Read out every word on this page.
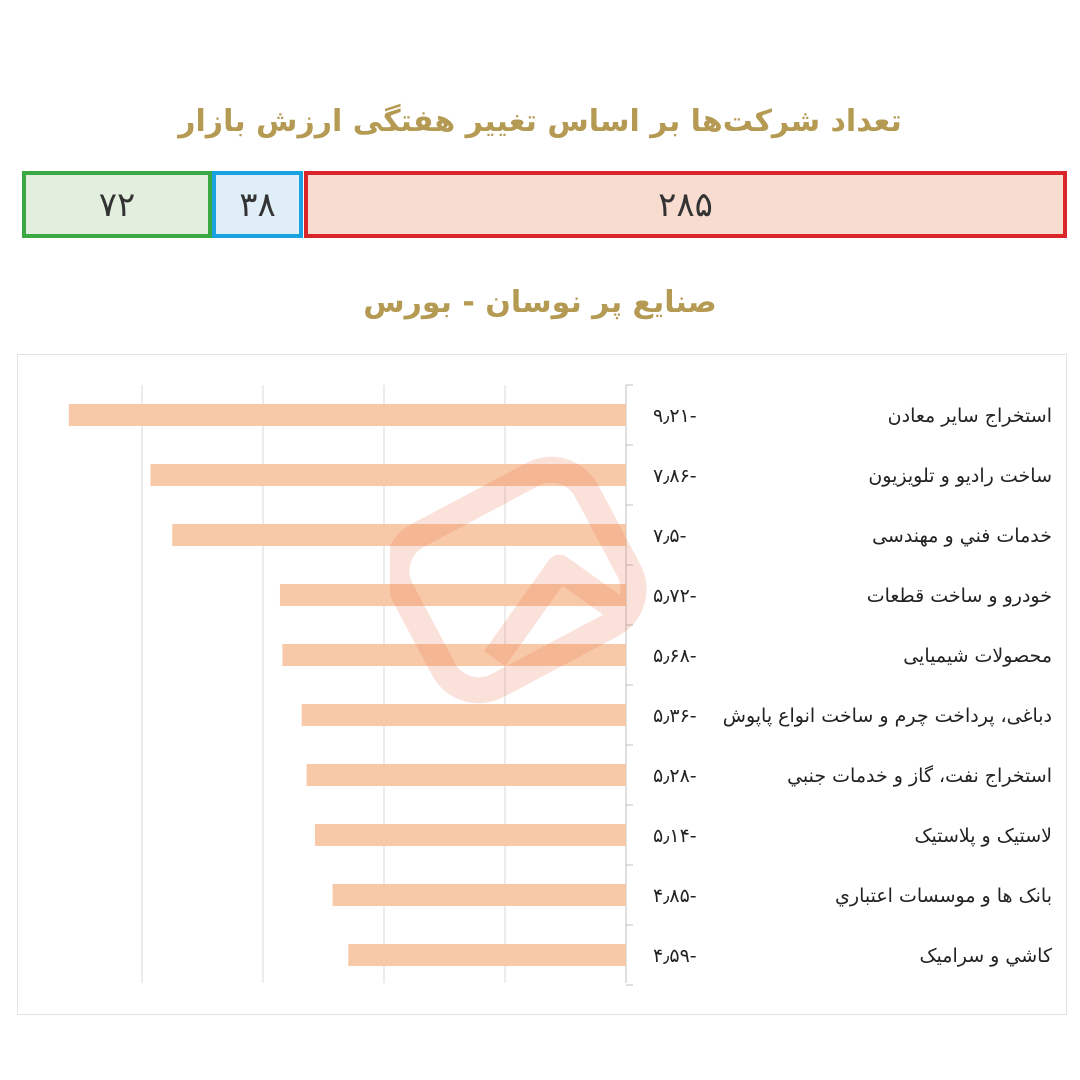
تعداد شرکت‌ها بر اساس تغییر هفتگی ارزش بازار
۷۲	۳۸	۲۸۵
صنایع پر نوسان - بورس
۹٫۲۱-	استخراج ساير معادن
۷٫۸۶-	ساخت راديو و تلويزيون
۷٫۵-	خدمات فني و مهندسی
۵٫۷۲-	خودرو و ساخت قطعات
۵٫۶۸-	محصولات شيميايی
۵٫۳۶- دباغی، پرداخت چرم و ساخت انواع پاپوش
۵٫۲۸-	استخراج نفت، گاز و خدمات جنبي
۵٫۱۴-	لاستيک و پلاستيک
۴٫۸۵-	بانک ها و موسسات اعتباري
۴٫۵۹-	کاشي و سراميک
